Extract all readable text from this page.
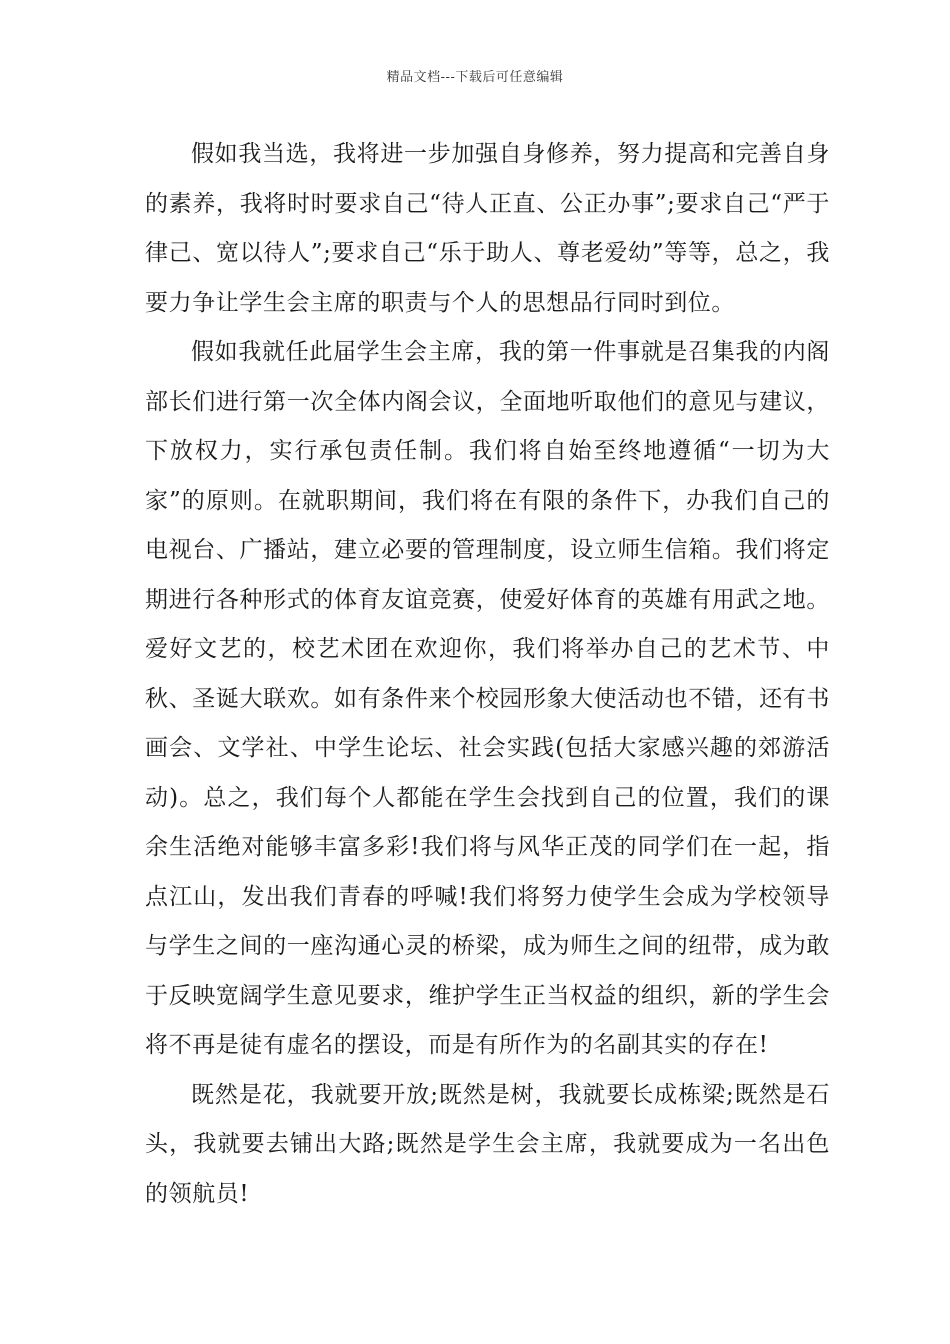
精品文档---下载后可任意编辑

假如我当选，我将进一步加强自身修养，努力提高和完善自身的素养，我将时时要求自己“待人正直、公正办事”;要求自己“严于律己、宽以待人”;要求自己“乐于助人、尊老爱幼”等等，总之，我要力争让学生会主席的职责与个人的思想品行同时到位。

假如我就任此届学生会主席，我的第一件事就是召集我的内阁部长们进行第一次全体内阁会议，全面地听取他们的意见与建议，下放权力，实行承包责任制。我们将自始至终地遵循“一切为大家”的原则。在就职期间，我们将在有限的条件下，办我们自己的电视台、广播站，建立必要的管理制度，设立师生信箱。我们将定期进行各种形式的体育友谊竞赛，使爱好体育的英雄有用武之地。爱好文艺的，校艺术团在欢迎你，我们将举办自己的艺术节、中秋、圣诞大联欢。如有条件来个校园形象大使活动也不错，还有书画会、文学社、中学生论坛、社会实践(包括大家感兴趣的郊游活动)。总之，我们每个人都能在学生会找到自己的位置，我们的课余生活绝对能够丰富多彩!我们将与风华正茂的同学们在一起，指点江山，发出我们青春的呼喊!我们将努力使学生会成为学校领导与学生之间的一座沟通心灵的桥梁，成为师生之间的纽带，成为敢于反映宽阔学生意见要求，维护学生正当权益的组织，新的学生会将不再是徒有虚名的摆设，而是有所作为的名副其实的存在!

既然是花，我就要开放;既然是树，我就要长成栋梁;既然是石头，我就要去铺出大路;既然是学生会主席，我就要成为一名出色的领航员!
